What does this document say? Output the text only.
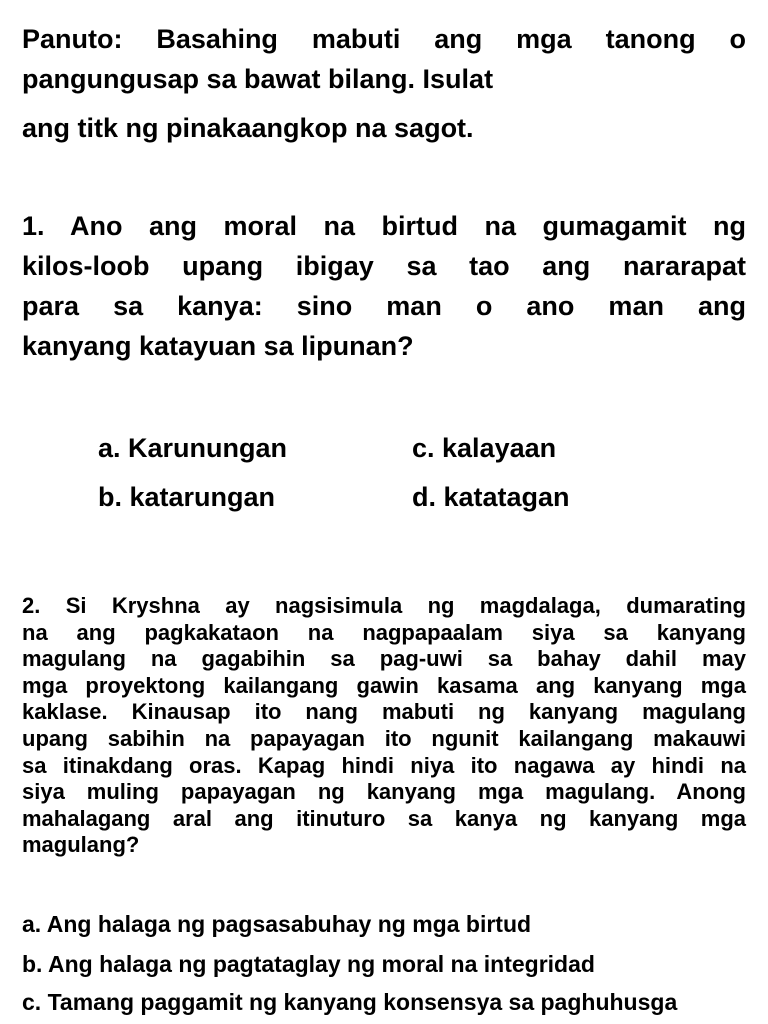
Panuto: Basahing mabuti ang mga tanong o
pangungusap sa bawat bilang. Isulat
ang titk ng pinakaangkop na sagot.
1. Ano ang moral na birtud na gumagamit ng
kilos-loob upang ibigay sa tao ang nararapat
para sa kanya: sino man o ano man ang
kanyang katayuan sa lipunan?
a. Karunungan
b. katarungan
c. kalayaan
d. katatagan
2. Si Kryshna ay nagsisimula ng magdalaga, dumarating
na ang pagkakataon na nagpapaalam siya sa kanyang
magulang na gagabihin sa pag-uwi sa bahay dahil may
mga proyektong kailangang gawin kasama ang kanyang mga
kaklase. Kinausap ito nang mabuti ng kanyang magulang
upang sabihin na papayagan ito ngunit kailangang makauwi
sa itinakdang oras. Kapag hindi niya ito nagawa ay hindi na
siya muling papayagan ng kanyang mga magulang. Anong
mahalagang aral ang itinuturo sa kanya ng kanyang mga
magulang?
a. Ang halaga ng pagsasabuhay ng mga birtud
b. Ang halaga ng pagtataglay ng moral na integridad
c. Tamang paggamit ng kanyang konsensya sa paghuhusga
